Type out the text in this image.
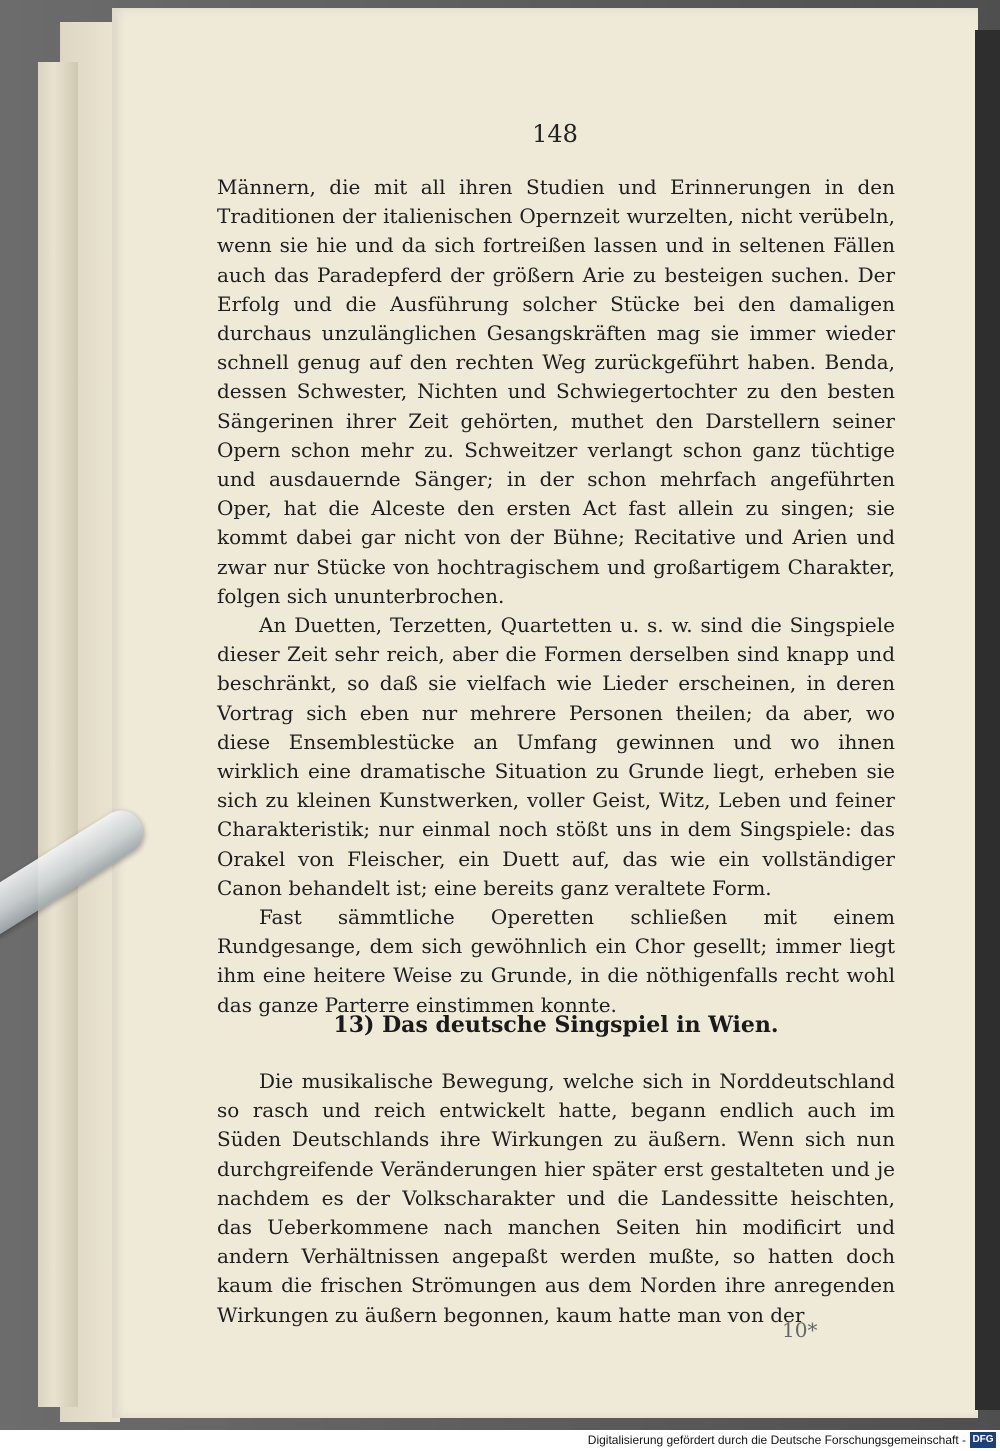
148

Männern, die mit all ihren Studien und Erinnerungen in den Traditionen der italienischen Opernzeit wurzelten, nicht verübeln, wenn sie hie und da sich fortreißen lassen und in seltenen Fällen auch das Paradepferd der größern Arie zu besteigen suchen. Der Erfolg und die Ausführung solcher Stücke bei den damaligen durchaus unzulänglichen Gesangskräften mag sie immer wieder schnell genug auf den rechten Weg zurückgeführt haben. Benda, dessen Schwester, Nichten und Schwiegertochter zu den besten Sängerinen ihrer Zeit gehörten, muthet den Darstellern seiner Opern schon mehr zu. Schweitzer verlangt schon ganz tüchtige und ausdauernde Sänger; in der schon mehrfach angeführten Oper, hat die Alceste den ersten Act fast allein zu singen; sie kommt dabei gar nicht von der Bühne; Recitative und Arien und zwar nur Stücke von hochtragischem und großartigem Charakter, folgen sich ununterbrochen.

An Duetten, Terzetten, Quartetten u. s. w. sind die Singspiele dieser Zeit sehr reich, aber die Formen derselben sind knapp und beschränkt, so daß sie vielfach wie Lieder erscheinen, in deren Vortrag sich eben nur mehrere Personen theilen; da aber, wo diese Ensemblestücke an Umfang gewinnen und wo ihnen wirklich eine dramatische Situation zu Grunde liegt, erheben sie sich zu kleinen Kunstwerken, voller Geist, Witz, Leben und feiner Charakteristik; nur einmal noch stößt uns in dem Singspiele: das Orakel von Fleischer, ein Duett auf, das wie ein vollständiger Canon behandelt ist; eine bereits ganz veraltete Form.

Fast sämmtliche Operetten schließen mit einem Rundgesange, dem sich gewöhnlich ein Chor gesellt; immer liegt ihm eine heitere Weise zu Grunde, in die nöthigenfalls recht wohl das ganze Parterre einstimmen konnte.

13) Das deutsche Singspiel in Wien.

Die musikalische Bewegung, welche sich in Norddeutschland so rasch und reich entwickelt hatte, begann endlich auch im Süden Deutschlands ihre Wirkungen zu äußern. Wenn sich nun durchgreifende Veränderungen hier später erst gestalteten und je nachdem es der Volkscharakter und die Landessitte heischten, das Ueberkommene nach manchen Seiten hin modificirt und andern Verhältnissen angepaßt werden mußte, so hatten doch kaum die frischen Strömungen aus dem Norden ihre anregenden Wirkungen zu äußern begonnen, kaum hatte man von der

10*
Digitalisierung gefördert durch die Deutsche Forschungsgemeinschaft - DFG
